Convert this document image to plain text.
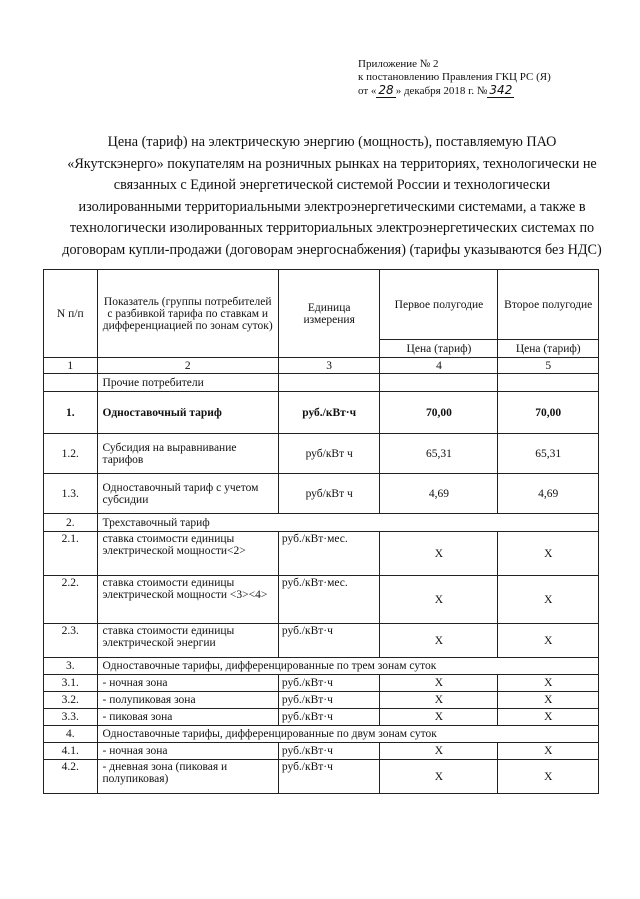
Приложение № 2
к постановлению Правления ГКЦ РС (Я)
от « 28 » декабря 2018 г. № 342
Цена (тариф) на электрическую энергию (мощность), поставляемую ПАО «Якутскэнерго» покупателям на розничных рынках на территориях, технологически не связанных с Единой энергетической системой России и технологически изолированными территориальными электроэнергетическими системами, а также в технологически изолированных территориальных электроэнергетических системах по договорам купли-продажи (договорам энергоснабжения) (тарифы указываются без НДС)
N п/п	Показатель (группы потребителей с разбивкой тарифа по ставкам и дифференциацией по зонам суток)	Единица измерения	Первое полугодие	Второе полугодие
			Цена (тариф)	Цена (тариф)
1	2	3	4	5
	Прочие потребители			
1.	Одноставочный тариф	руб./кВт·ч	70,00	70,00
1.2.	Субсидия на выравнивание тарифов	руб/кВт ч	65,31	65,31
1.3.	Одноставочный тариф с учетом субсидии	руб/кВт ч	4,69	4,69
2.	Трехставочный тариф			
2.1.	ставка стоимости единицы электрической мощности<2>	руб./кВт·мес.	Х	Х
2.2.	ставка стоимости единицы электрической мощности <3><4>	руб./кВт·мес.	Х	Х
2.3.	ставка стоимости единицы электрической энергии	руб./кВт·ч	Х	Х
3.	Одноставочные тарифы, дифференцированные по трем зонам суток			
3.1.	- ночная зона	руб./кВт·ч	Х	Х
3.2.	- полупиковая зона	руб./кВт·ч	Х	Х
3.3.	- пиковая зона	руб./кВт·ч	Х	Х
4.	Одноставочные тарифы, дифференцированные по двум зонам суток			
4.1.	- ночная зона	руб./кВт·ч	Х	Х
4.2.	- дневная зона (пиковая и полупиковая)	руб./кВт·ч	Х	Х
